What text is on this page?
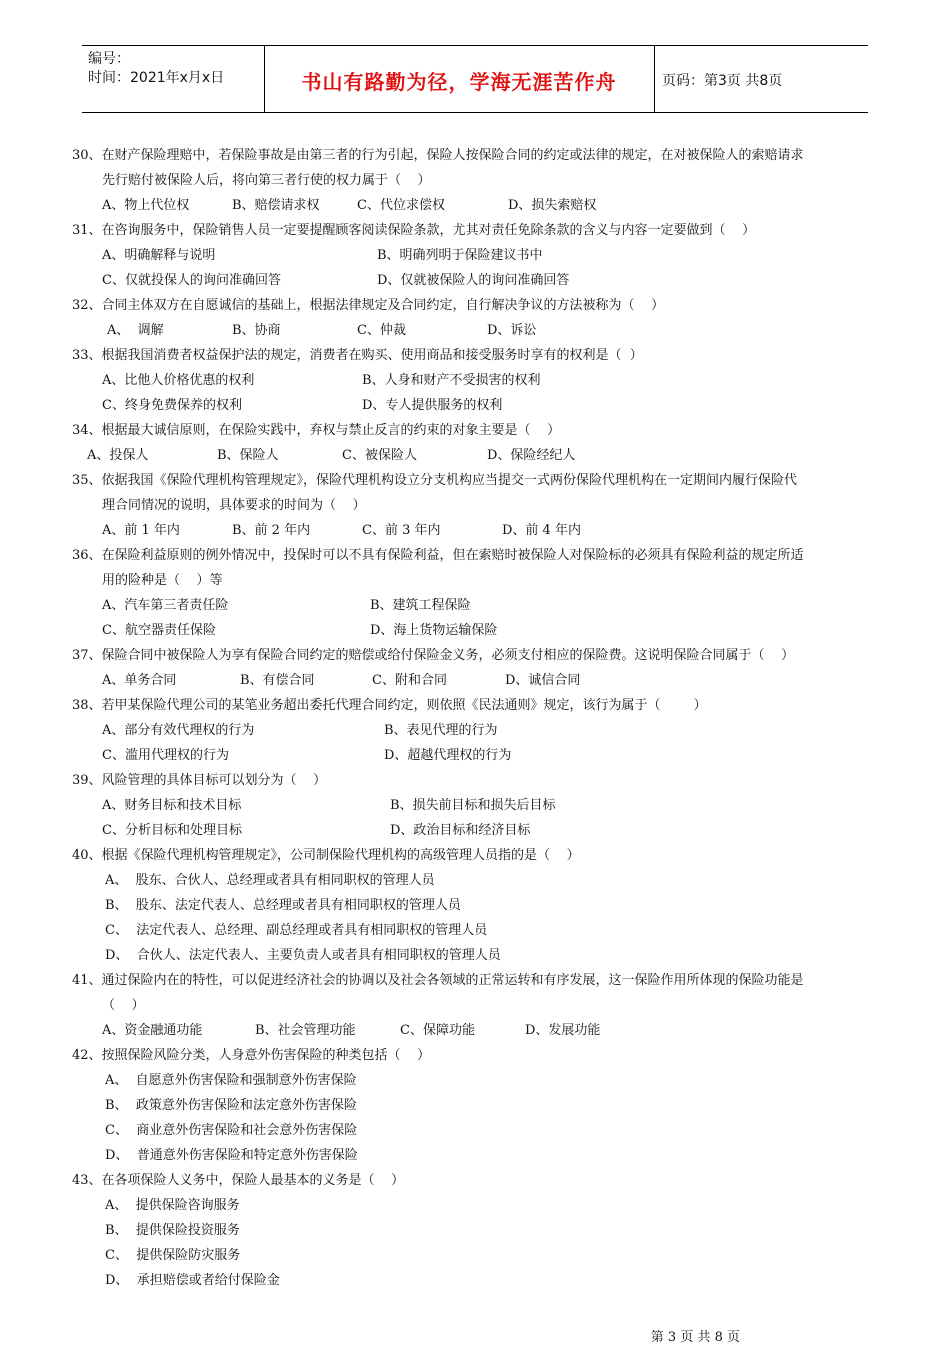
编号：
时间：2021年x月x日	书山有路勤为径，学海无涯苦作舟	页码：第3页 共8页
30、在财产保险理赔中，若保险事故是由第三者的行为引起，保险人按保险合同的约定或法律的规定，在对被保险人的索赔请求
先行赔付被保险人后，将向第三者行使的权力属于（    ）
A、物上代位权	B、赔偿请求权	C、代位求偿权	D、损失索赔权
31、在咨询服务中，保险销售人员一定要提醒顾客阅读保险条款，尤其对责任免除条款的含义与内容一定要做到（    ）
A、明确解释与说明	B、明确列明于保险建议书中
C、仅就投保人的询问准确回答	D、仅就被保险人的询问准确回答
32、合同主体双方在自愿诚信的基础上，根据法律规定及合同约定，自行解决争议的方法被称为（    ）
A、  调解	B、协商	C、仲裁	D、诉讼
33、根据我国消费者权益保护法的规定，消费者在购买、使用商品和接受服务时享有的权利是（  ）
A、比他人价格优惠的权利	B、人身和财产不受损害的权利
C、终身免费保养的权利	D、专人提供服务的权利
34、根据最大诚信原则，在保险实践中，弃权与禁止反言的约束的对象主要是（    ）
A、投保人	B、保险人	C、被保险人	D、保险经纪人
35、依据我国《保险代理机构管理规定》，保险代理机构设立分支机构应当提交一式两份保险代理机构在一定期间内履行保险代
理合同情况的说明，具体要求的时间为（    ）
A、前 1 年内	B、前 2 年内	C、前 3 年内	D、前 4 年内
36、在保险利益原则的例外情况中，投保时可以不具有保险利益，但在索赔时被保险人对保险标的必须具有保险利益的规定所适
用的险种是（    ）等
A、汽车第三者责任险	B、建筑工程保险
C、航空器责任保险	D、海上货物运输保险
37、保险合同中被保险人为享有保险合同约定的赔偿或给付保险金义务，必须支付相应的保险费。这说明保险合同属于（    ）
A、单务合同	B、有偿合同	C、附和合同	D、诚信合同
38、若甲某保险代理公司的某笔业务超出委托代理合同约定，则依照《民法通则》规定，该行为属于（        ）
A、部分有效代理权的行为	B、表见代理的行为
C、滥用代理权的行为	D、超越代理权的行为
39、风险管理的具体目标可以划分为（    ）
A、财务目标和技术目标	B、损失前目标和损失后目标
C、分析目标和处理目标	D、政治目标和经济目标
40、根据《保险代理机构管理规定》，公司制保险代理机构的高级管理人员指的是（    ）
A、  股东、合伙人、总经理或者具有相同职权的管理人员
B、  股东、法定代表人、总经理或者具有相同职权的管理人员
C、  法定代表人、总经理、副总经理或者具有相同职权的管理人员
D、  合伙人、法定代表人、主要负责人或者具有相同职权的管理人员
41、通过保险内在的特性，可以促进经济社会的协调以及社会各领域的正常运转和有序发展，这一保险作用所体现的保险功能是
（    ）
A、资金融通功能	B、社会管理功能	C、保障功能	D、发展功能
42、按照保险风险分类，人身意外伤害保险的种类包括（    ）
A、  自愿意外伤害保险和强制意外伤害保险
B、  政策意外伤害保险和法定意外伤害保险
C、  商业意外伤害保险和社会意外伤害保险
D、  普通意外伤害保险和特定意外伤害保险
43、在各项保险人义务中，保险人最基本的义务是（    ）
A、  提供保险咨询服务
B、  提供保险投资服务
C、  提供保险防灾服务
D、  承担赔偿或者给付保险金
第 3 页 共 8 页
